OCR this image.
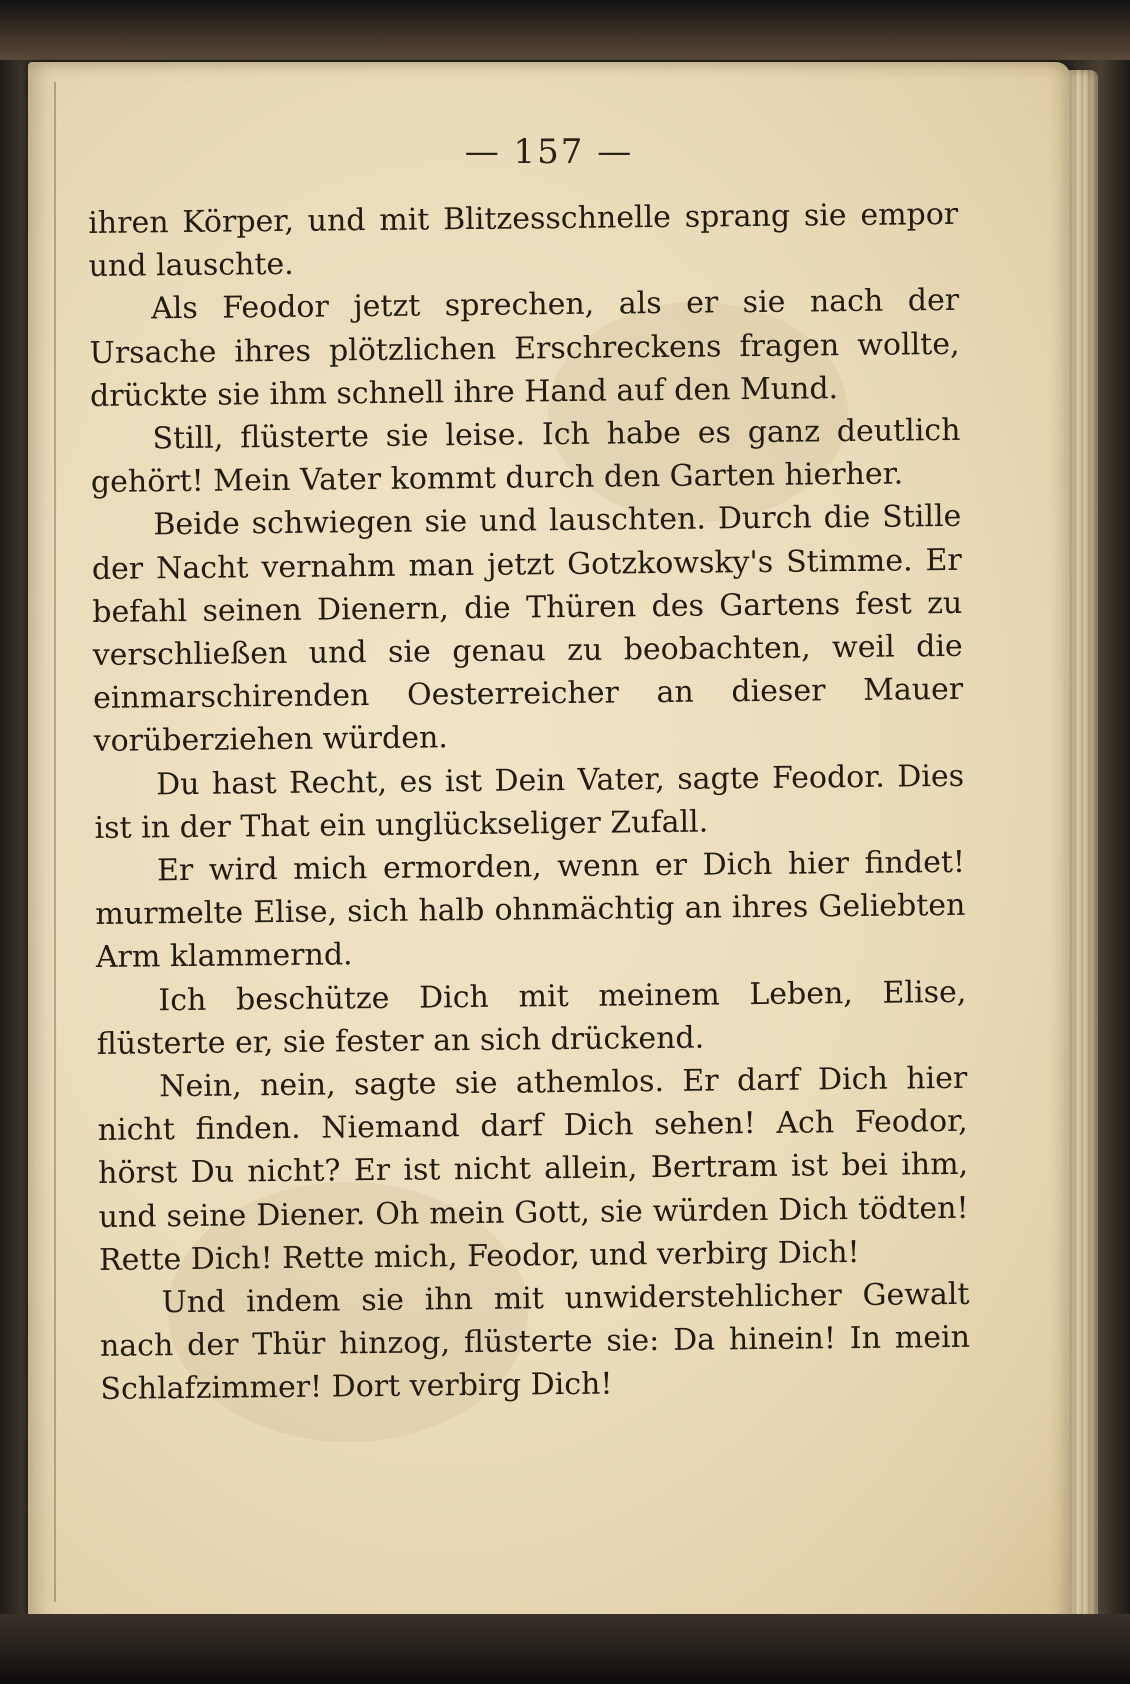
— 157 —

ihren Körper, und mit Blitzesschnelle sprang sie empor und lauschte.

Als Feodor jetzt sprechen, als er sie nach der Ursache ihres plötzlichen Erschreckens fragen wollte, drückte sie ihm schnell ihre Hand auf den Mund.

Still, flüsterte sie leise. Ich habe es ganz deutlich gehört! Mein Vater kommt durch den Garten hierher.

Beide schwiegen sie und lauschten. Durch die Stille der Nacht vernahm man jetzt Gotzkowsky's Stimme. Er befahl seinen Dienern, die Thüren des Gartens fest zu verschließen und sie genau zu beobachten, weil die einmarschirenden Oesterreicher an dieser Mauer vorüberziehen würden.

Du hast Recht, es ist Dein Vater, sagte Feodor. Dies ist in der That ein unglückseliger Zufall.

Er wird mich ermorden, wenn er Dich hier findet! murmelte Elise, sich halb ohnmächtig an ihres Geliebten Arm klammernd.

Ich beschütze Dich mit meinem Leben, Elise, flüsterte er, sie fester an sich drückend.

Nein, nein, sagte sie athemlos. Er darf Dich hier nicht finden. Niemand darf Dich sehen! Ach Feodor, hörst Du nicht? Er ist nicht allein, Bertram ist bei ihm, und seine Diener. Oh mein Gott, sie würden Dich tödten! Rette Dich! Rette mich, Feodor, und verbirg Dich!

Und indem sie ihn mit unwiderstehlicher Gewalt nach der Thür hinzog, flüsterte sie: Da hinein! In mein Schlafzimmer! Dort verbirg Dich!
